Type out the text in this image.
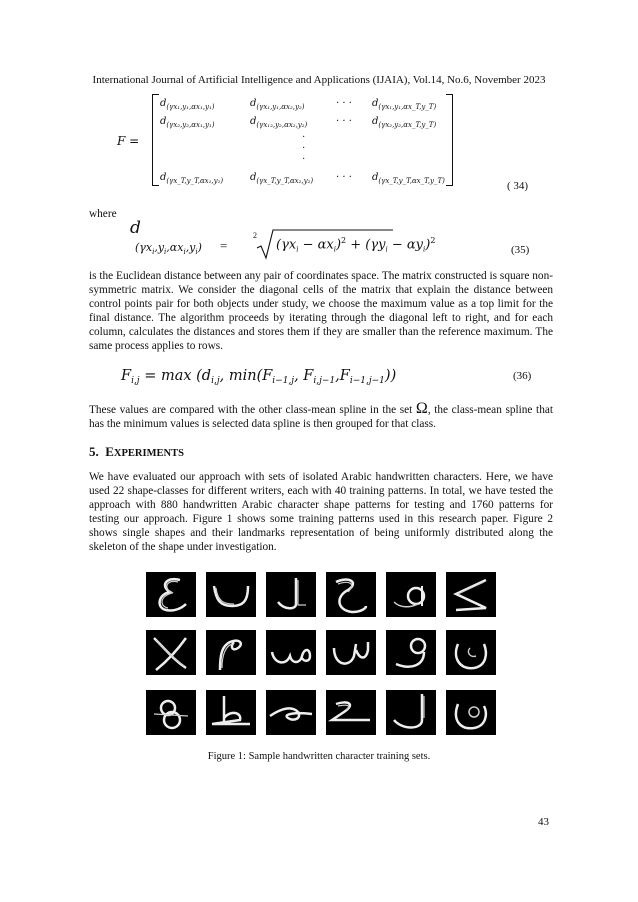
International Journal of Artificial Intelligence and Applications (IJAIA), Vol.14, No.6, November 2023
F =
$d_{(\gamma x_1,y_1,\alpha x_1,y_1)}$	$d_{(\gamma x_1,y_1,\alpha x_2,y_2)}$	· · · $d_{(\gamma x_1,y_1,\alpha x\_T,y\_T)}$
$d_{(\gamma x_2,y_2,\alpha x_1,y_1)}$	$d_{(\gamma x_{12},y_2,\alpha x_2,y_2)}$	· · · $d_{(\gamma x_2,y_2,\alpha x\_T,y\_T)}$
·
·
·
$d_{(\gamma x\_T,y\_T,\alpha x_1,y_1)}$	$d_{(\gamma x\_T,y\_T,\alpha x_2,y_2)}$ · · · $d_{(\gamma x\_T,y\_T,\alpha x\_T,y\_T)}$	( 34)
where
d
$(\gamma x_i,y_i,\alpha x_i,y_i)$ =
2
$(\gamma x_i - \alpha x_i)^2 + (\gamma y_i - \alpha y_i)^2$
(35)
is the Euclidean distance between any pair of coordinates space. The matrix constructed is square non-symmetric matrix. We consider the diagonal cells of the matrix that explain the distance between control points pair for both objects under study, we choose the maximum value as a top limit for the final distance. The algorithm proceeds by iterating through the diagonal left to right, and for each column, calculates the distances and stores them if they are smaller than the reference maximum. The same process applies to rows.
$F_{i,j} = \max (d_{i,j}$, $\min(F_{i-1,j}$, $F_{i,j-1},F_{i-1,j-1}$))	(36)
These values are compared with the other class-mean spline in the set Ω, the class-mean spline that has the minimum values is selected data spline is then grouped for that class.
5. EXPERIMENTS
We have evaluated our approach with sets of isolated Arabic handwritten characters. Here, we have used 22 shape-classes for different writers, each with 40 training patterns. In total, we have tested the approach with 880 handwritten Arabic character shape patterns for testing and 1760 patterns for testing our approach. Figure 1 shows some training patterns used in this research paper. Figure 2 shows single shapes and their landmarks representation of being uniformly distributed along the skeleton of the shape under investigation.
Figure 1: Sample handwritten character training sets.
43
